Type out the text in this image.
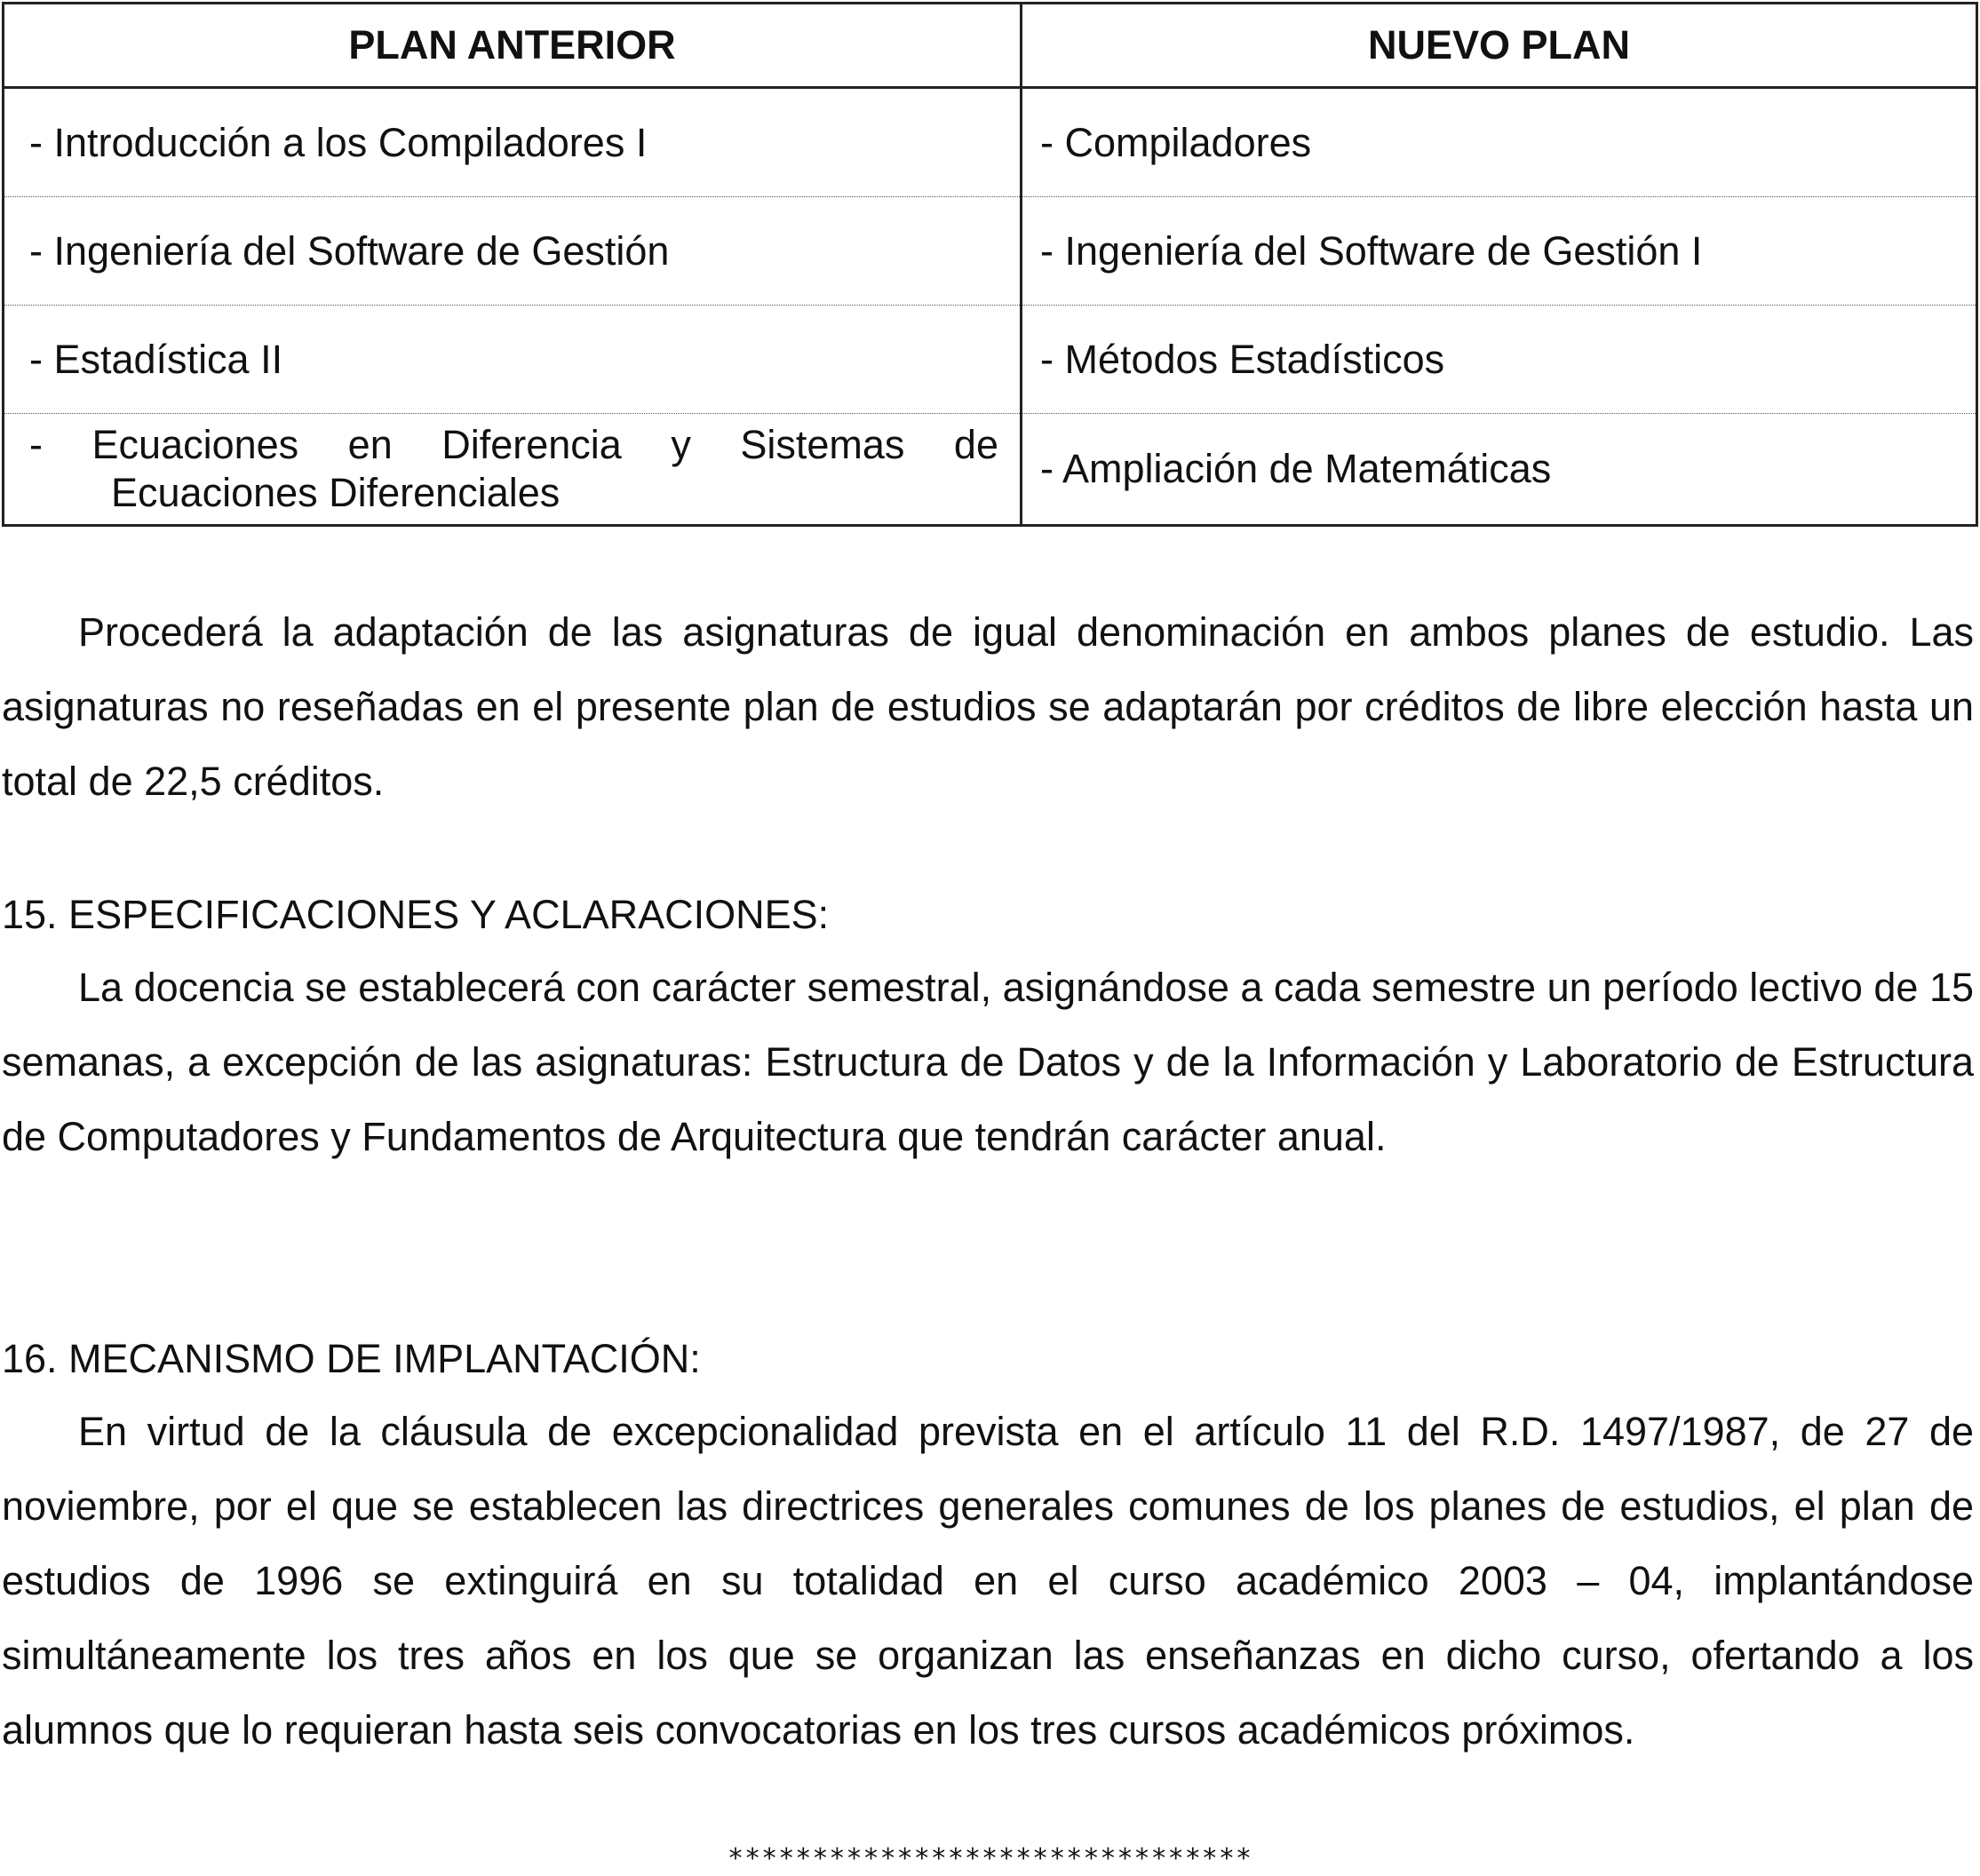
PLAN ANTERIOR	NUEVO PLAN
- Introducción a los Compiladores I	- Compiladores
- Ingeniería del Software de Gestión	- Ingeniería del Software de Gestión I
- Estadística II	- Métodos Estadísticos

- Ecuaciones en Diferencia y Sistemas de
Ecuaciones Diferenciales	- Ampliación de Matemáticas

Procederá la adaptación de las asignaturas de igual denominación en ambos planes de estudio. Las asignaturas no reseñadas en el presente plan de estudios se adaptarán por créditos de libre elección hasta un total de 22,5 créditos.

15. ESPECIFICACIONES Y ACLARACIONES:

La docencia se establecerá con carácter semestral, asignándose a cada semestre un período lectivo de 15 semanas, a excepción de las asignaturas: Estructura de Datos y de la Información y Laboratorio de Estructura de Computadores y Fundamentos de Arquitectura que tendrán carácter anual.

16. MECANISMO DE IMPLANTACIÓN:

En virtud de la cláusula de excepcionalidad prevista en el artículo 11 del R.D. 1497/1987, de 27 de noviembre, por el que se establecen las directrices generales comunes de los planes de estudios, el plan de estudios de 1996 se extinguirá en su totalidad en el curso académico 2003 – 04, implantándose simultáneamente los tres años en los que se organizan las enseñanzas en dicho curso, ofertando a los alumnos que lo requieran hasta seis convocatorias en los tres cursos académicos próximos.

*******************************
